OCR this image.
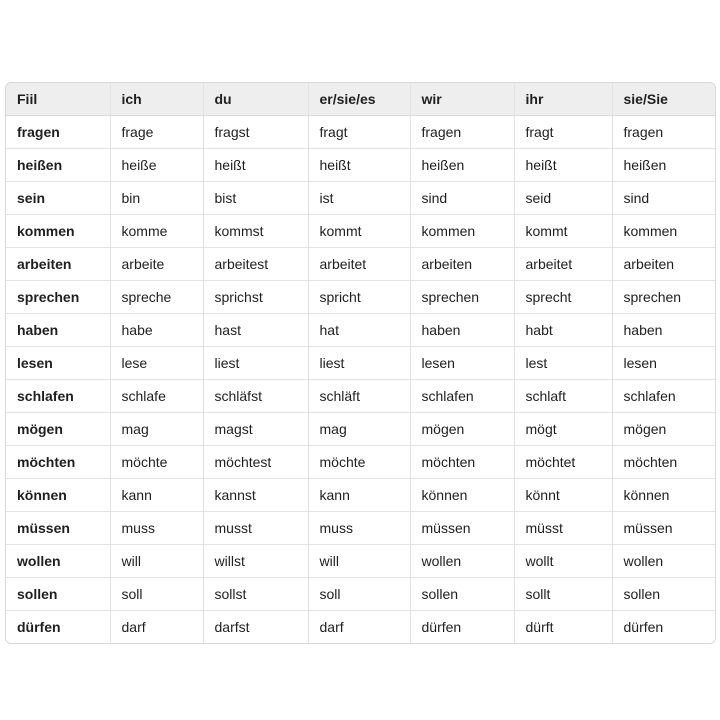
Fiil	ich	du	er/sie/es	wir	ihr	sie/Sie
fragen	frage	fragst	fragt	fragen	fragt	fragen
heißen	heiße	heißt	heißt	heißen	heißt	heißen
sein	bin	bist	ist	sind	seid	sind
kommen	komme	kommst	kommt	kommen	kommt	kommen
arbeiten	arbeite	arbeitest	arbeitet	arbeiten	arbeitet	arbeiten
sprechen	spreche	sprichst	spricht	sprechen	sprecht	sprechen
haben	habe	hast	hat	haben	habt	haben
lesen	lese	liest	liest	lesen	lest	lesen
schlafen	schlafe	schläfst	schläft	schlafen	schlaft	schlafen
mögen	mag	magst	mag	mögen	mögt	mögen
möchten	möchte	möchtest	möchte	möchten	möchtet	möchten
können	kann	kannst	kann	können	könnt	können
müssen	muss	musst	muss	müssen	müsst	müssen
wollen	will	willst	will	wollen	wollt	wollen
sollen	soll	sollst	soll	sollen	sollt	sollen
dürfen	darf	darfst	darf	dürfen	dürft	dürfen
